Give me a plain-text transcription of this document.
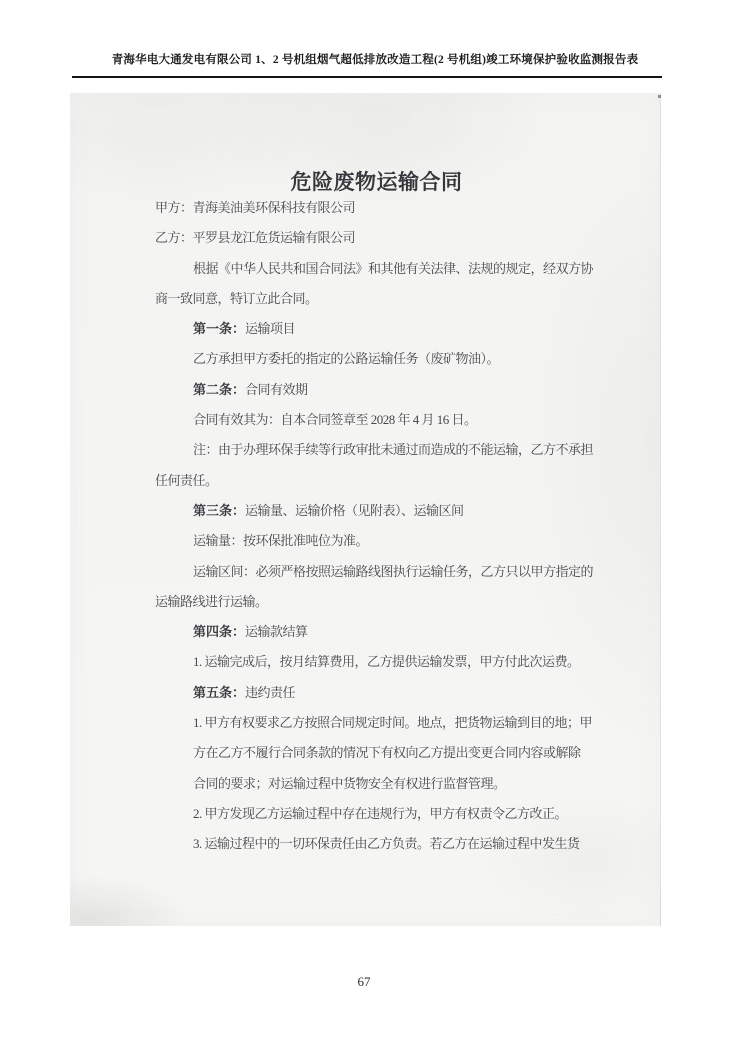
青海华电大通发电有限公司 1、2 号机组烟气超低排放改造工程(2 号机组)竣工环境保护验收监测报告表
危险废物运输合同
甲方：青海美油美环保科技有限公司
乙方：平罗县龙江危货运输有限公司
根据《中华人民共和国合同法》和其他有关法律、法规的规定，经双方协
商一致同意，特订立此合同。
第一条：运输项目
乙方承担甲方委托的指定的公路运输任务（废矿物油）。
第二条：合同有效期
合同有效其为：自本合同签章至 2028 年 4 月 16 日。
注：由于办理环保手续等行政审批未通过而造成的不能运输，乙方不承担
任何责任。
第三条：运输量、运输价格（见附表）、运输区间
运输量：按环保批准吨位为准。
运输区间：必须严格按照运输路线图执行运输任务，乙方只以甲方指定的
运输路线进行运输。
第四条：运输款结算
1. 运输完成后，按月结算费用，乙方提供运输发票，甲方付此次运费。
第五条：违约责任
1. 甲方有权要求乙方按照合同规定时间。地点，把货物运输到目的地；甲
方在乙方不履行合同条款的情况下有权向乙方提出变更合同内容或解除
合同的要求；对运输过程中货物安全有权进行监督管理。
2. 甲方发现乙方运输过程中存在违规行为，甲方有权责令乙方改正。
3. 运输过程中的一切环保责任由乙方负责。若乙方在运输过程中发生货
67
